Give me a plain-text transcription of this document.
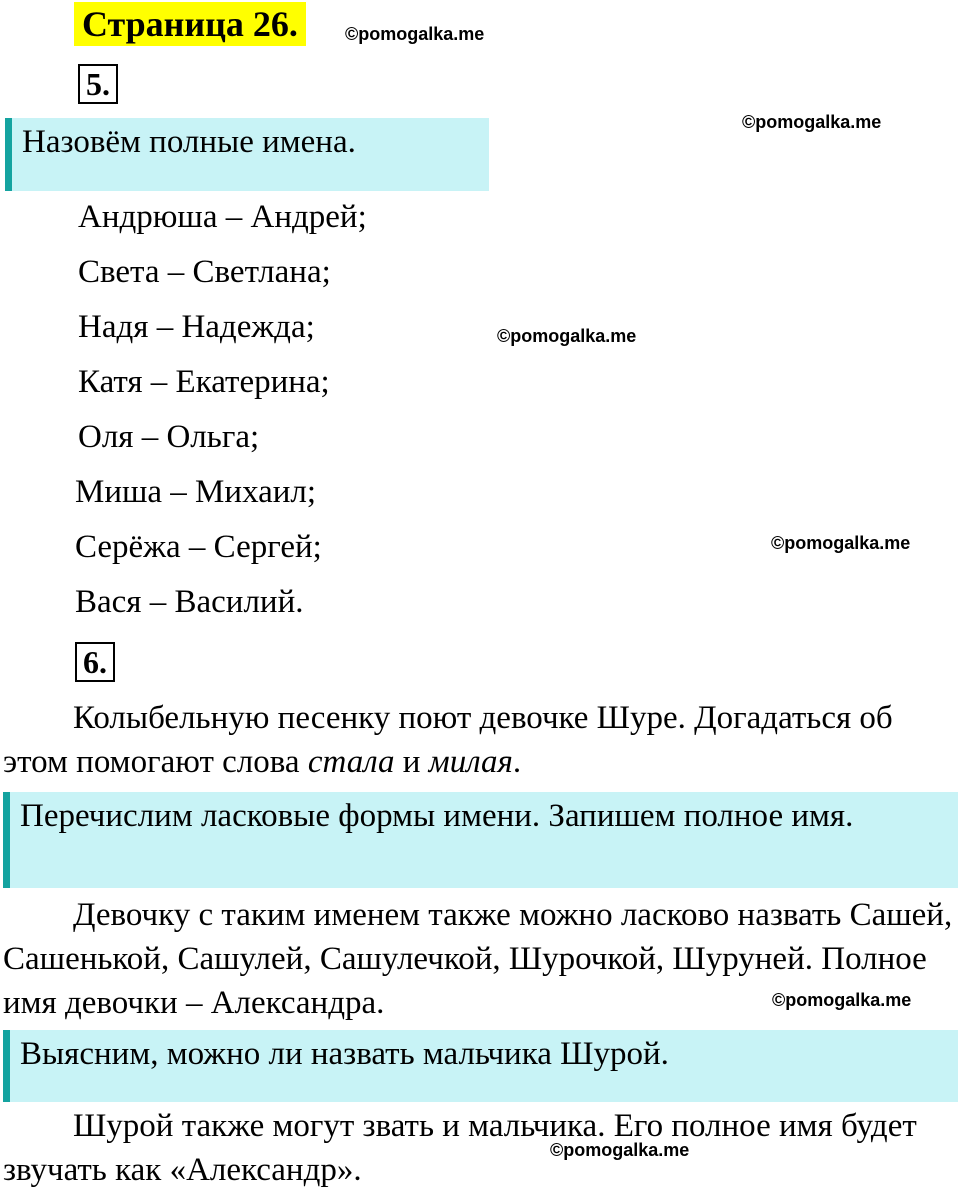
Страница 26.	©pomogalka.me
©pomogalka.me
©pomogalka.me
©pomogalka.me
©pomogalka.me
©pomogalka.me
5.
Назовём полные имена.
Андрюша – Андрей;
Света – Светлана;
Надя – Надежда;
Катя – Екатерина;
Оля – Ольга;
Миша – Михаил;
Серёжа – Сергей;
Вася – Василий.
6.
Колыбельную песенку поют девочке Шуре. Догадаться об этом помогают слова стала и милая.
Перечислим ласковые формы имени. Запишем полное имя.
Девочку с таким именем также можно ласково назвать Сашей, Сашенькой, Сашулей, Сашулечкой, Шурочкой, Шуруней. Полное имя девочки – Александра.
Выясним, можно ли назвать мальчика Шурой.
Шурой также могут звать и мальчика. Его полное имя будет звучать как «Александр».
